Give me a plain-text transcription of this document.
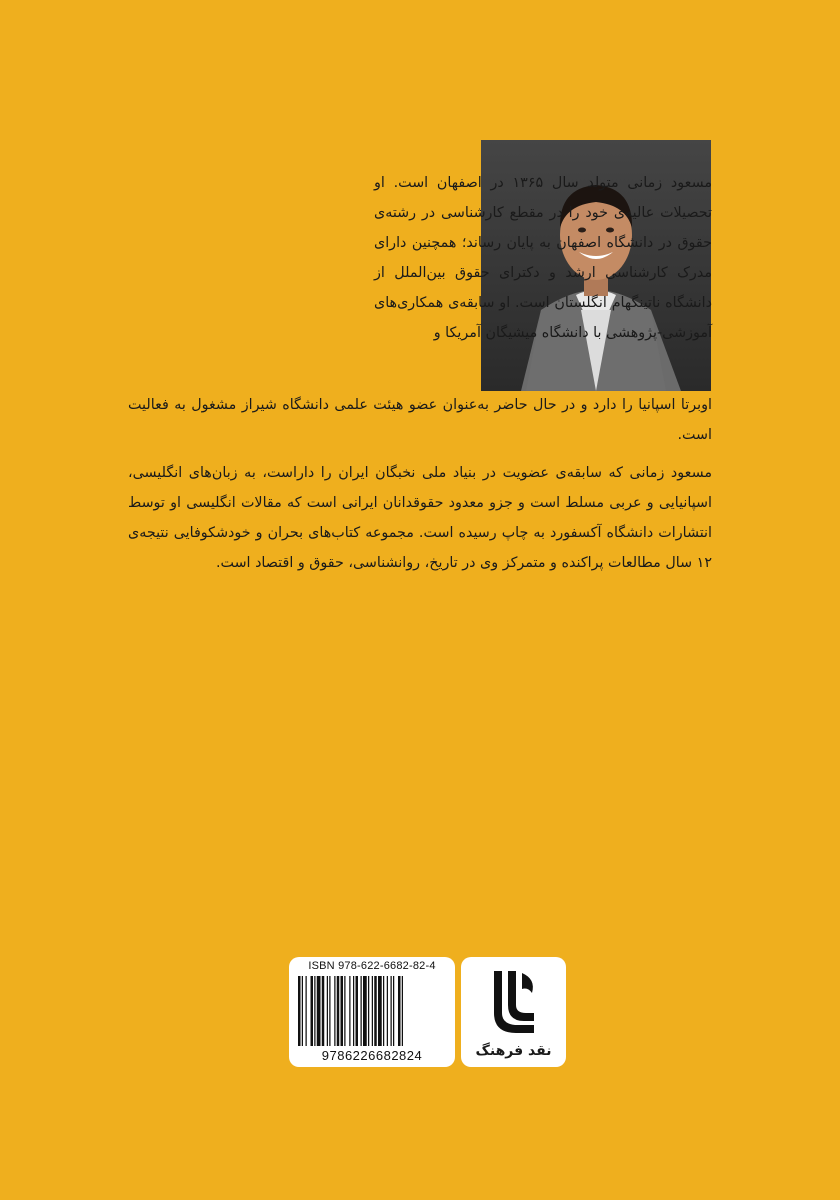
مسعود زمانی متولد سال ۱۳۶۵ در اصفهان است. او تحصیلات عالیه‌ی خود را در مقطع کارشناسی در رشته‌ی حقوق در دانشگاه اصفهان به پایان رساند؛ همچنین دارای مدرک کارشناسی ارشد و دکترای حقوق بین‌الملل از دانشگاه ناتینگهام انگلستان است. او سابقه‌ی همکاری‌های آموزشی-پژوهشی با دانشگاه میشیگان آمریکا و
اوبرتا اسپانیا را دارد و در حال حاضر به‌عنوان عضو هیئت علمی دانشگاه شیراز مشغول به فعالیت است.

مسعود زمانی که سابقه‌ی عضویت در بنیاد ملی نخبگان ایران را داراست، به زبان‌های انگلیسی، اسپانیایی و عربی مسلط است و جزو معدود حقوقدانان ایرانی است که مقالات انگلیسی او توسط انتشارات دانشگاه آکسفورد به چاپ رسیده است. مجموعه کتاب‌های بحران و خودشکوفایی نتیجه‌ی ۱۲ سال مطالعات پراکنده و متمرکز وی در تاریخ، روانشناسی، حقوق و اقتصاد است.

ISBN 978-622-6682-82-4
9786226682824	نقد فرهنگ
